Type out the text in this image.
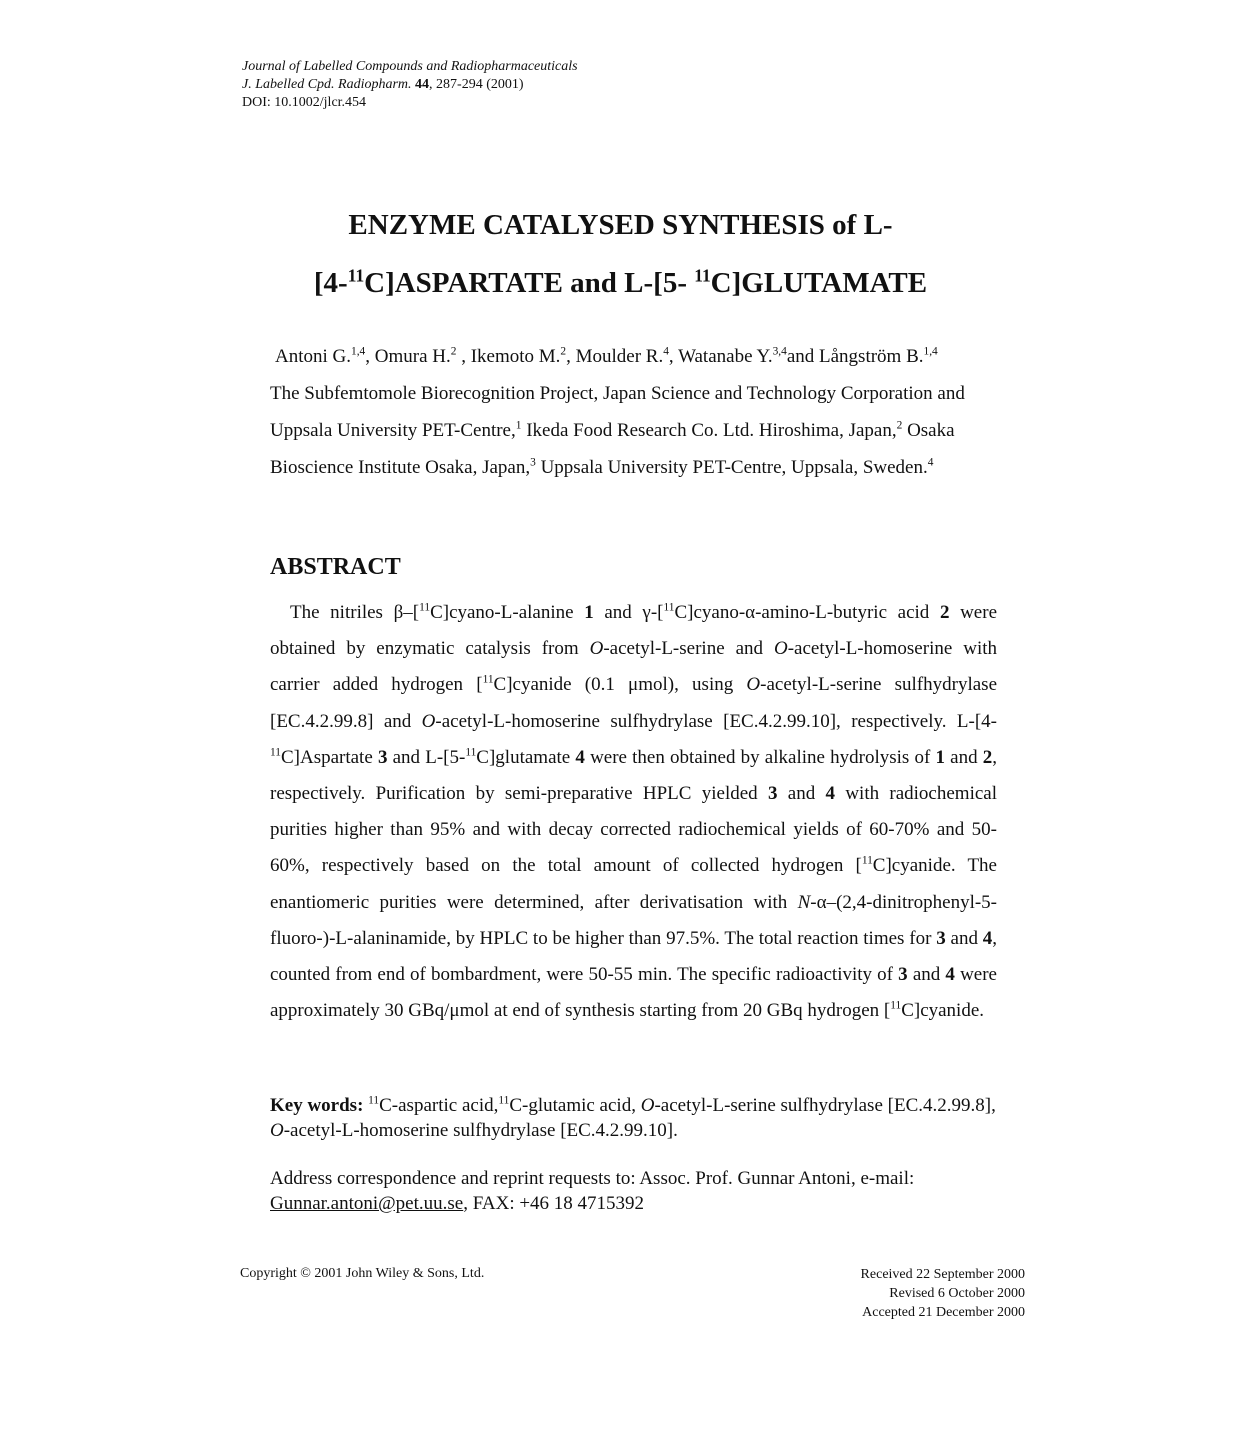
Journal of Labelled Compounds and Radiopharmaceuticals
J. Labelled Cpd. Radiopharm. 44, 287-294 (2001)
DOI: 10.1002/jlcr.454
ENZYME CATALYSED SYNTHESIS of L-
[4-$^{11}$C]ASPARTATE and L-[5- $^{11}$C]GLUTAMATE
Antoni G.$^{1,4}$, Omura H.$^2$ , Ikemoto M.$^2$, Moulder R.$^4$, Watanabe Y.$^{3,4}$and Långström B.$^{1,4}$
The Subfemtomole Biorecognition Project, Japan Science and Technology Corporation and Uppsala University PET-Centre,$^1$ Ikeda Food Research Co. Ltd. Hiroshima, Japan,$^2$ Osaka Bioscience Institute Osaka, Japan,$^3$ Uppsala University PET-Centre, Uppsala, Sweden.$^4$
ABSTRACT
The nitriles β–[$^{11}$C]cyano-L-alanine 1 and γ-[$^{11}$C]cyano-α-amino-L-butyric acid 2 were obtained by enzymatic catalysis from O-acetyl-L-serine and O-acetyl-L-homoserine with carrier added hydrogen [$^{11}$C]cyanide (0.1 μmol), using O-acetyl-L-serine sulfhydrylase [EC.4.2.99.8] and O-acetyl-L-homoserine sulfhydrylase [EC.4.2.99.10], respectively. L-[4-$^{11}$C]Aspartate 3 and L-[5-$^{11}$C]glutamate 4 were then obtained by alkaline hydrolysis of 1 and 2, respectively. Purification by semi-preparative HPLC yielded 3 and 4 with radiochemical purities higher than 95% and with decay corrected radiochemical yields of 60-70% and 50-60%, respectively based on the total amount of collected hydrogen [$^{11}$C]cyanide. The enantiomeric purities were determined, after derivatisation with N-α–(2,4-dinitrophenyl-5-fluoro-)-L-alaninamide, by HPLC to be higher than 97.5%. The total reaction times for 3 and 4, counted from end of bombardment, were 50-55 min. The specific radioactivity of 3 and 4 were approximately 30 GBq/μmol at end of synthesis starting from 20 GBq hydrogen [$^{11}$C]cyanide.
Key words: $^{11}$C-aspartic acid,$^{11}$C-glutamic acid, O-acetyl-L-serine sulfhydrylase [EC.4.2.99.8], O-acetyl-L-homoserine sulfhydrylase [EC.4.2.99.10].
Address correspondence and reprint requests to: Assoc. Prof. Gunnar Antoni, e-mail: Gunnar.antoni@pet.uu.se, FAX: +46 18 4715392
Copyright © 2001 John Wiley & Sons, Ltd.	Received 22 September 2000
Revised 6 October 2000
Accepted 21 December 2000
